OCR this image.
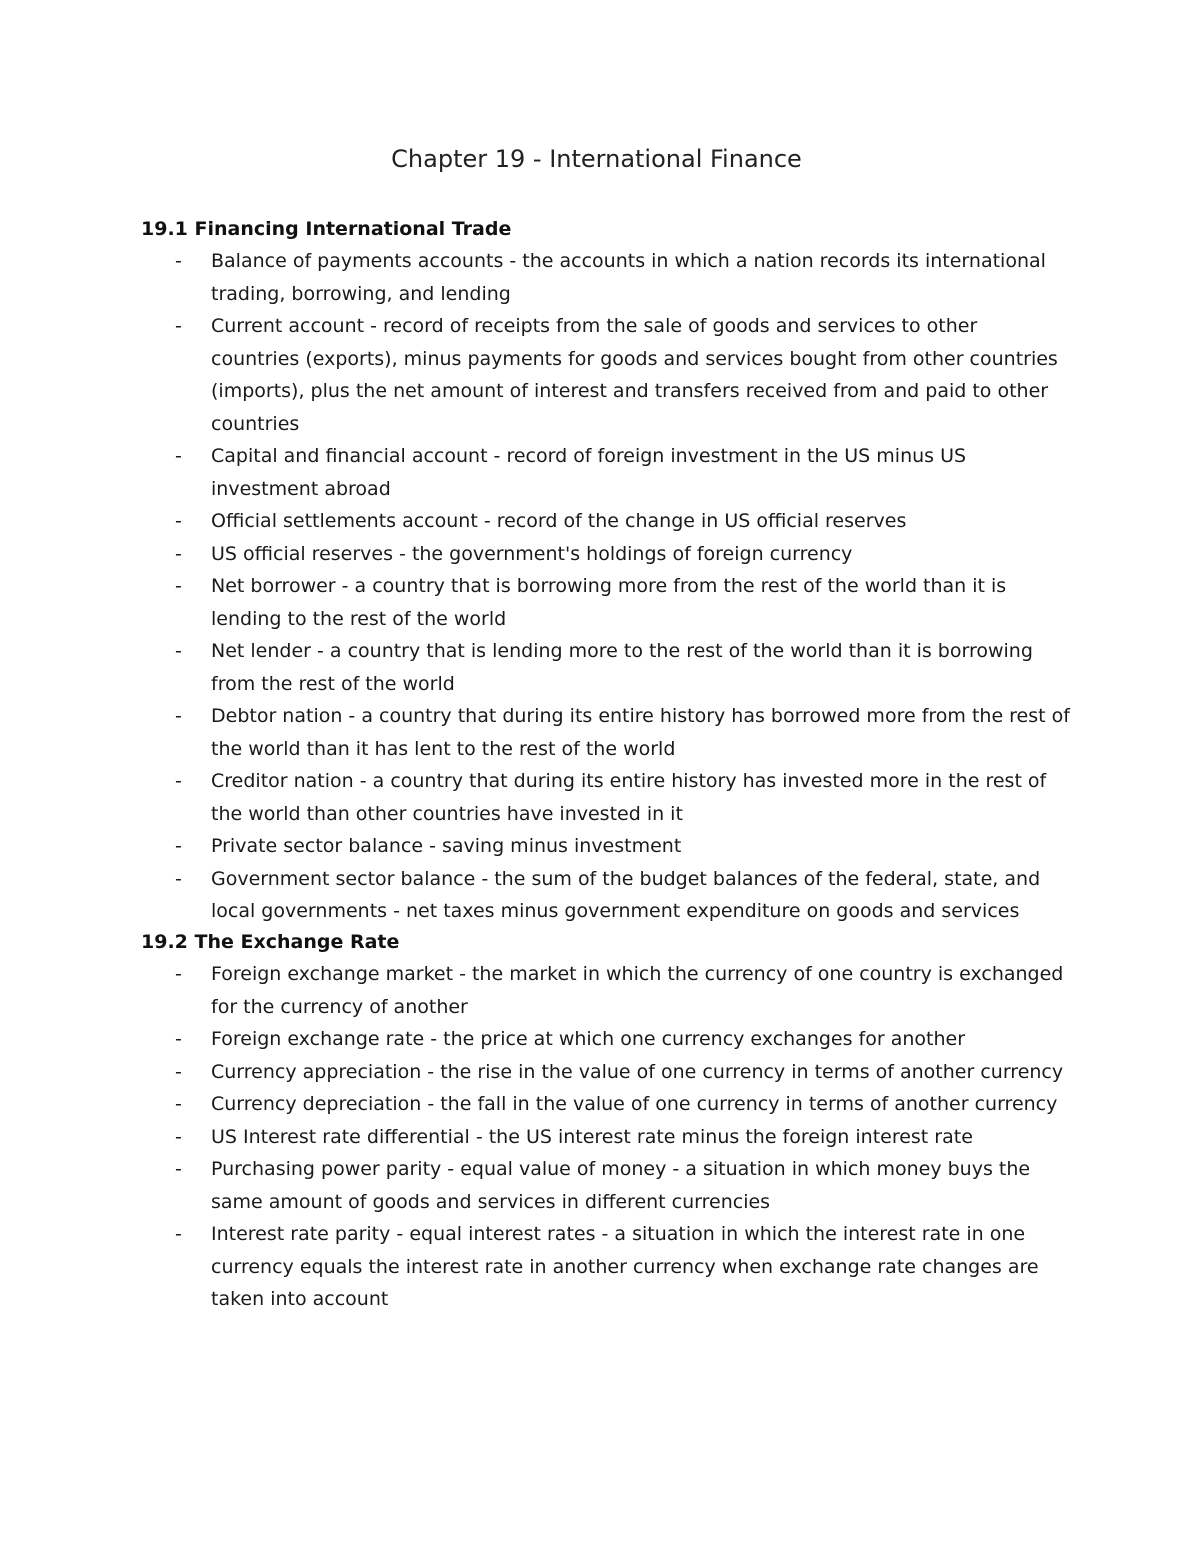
Chapter 19 - International Finance
19.1 Financing International Trade
- Balance of payments accounts - the accounts in which a nation records its international trading, borrowing, and lending
- Current account - record of receipts from the sale of goods and services to other countries (exports), minus payments for goods and services bought from other countries (imports), plus the net amount of interest and transfers received from and paid to other countries
- Capital and financial account - record of foreign investment in the US minus US investment abroad
- Official settlements account - record of the change in US official reserves
- US official reserves - the government's holdings of foreign currency
- Net borrower - a country that is borrowing more from the rest of the world than it is lending to the rest of the world
- Net lender - a country that is lending more to the rest of the world than it is borrowing from the rest of the world
- Debtor nation - a country that during its entire history has borrowed more from the rest of the world than it has lent to the rest of the world
- Creditor nation - a country that during its entire history has invested more in the rest of the world than other countries have invested in it
- Private sector balance - saving minus investment
- Government sector balance - the sum of the budget balances of the federal, state, and local governments - net taxes minus government expenditure on goods and services
19.2 The Exchange Rate
- Foreign exchange market - the market in which the currency of one country is exchanged for the currency of another
- Foreign exchange rate - the price at which one currency exchanges for another
- Currency appreciation - the rise in the value of one currency in terms of another currency
- Currency depreciation - the fall in the value of one currency in terms of another currency
- US Interest rate differential - the US interest rate minus the foreign interest rate
- Purchasing power parity - equal value of money - a situation in which money buys the same amount of goods and services in different currencies
- Interest rate parity - equal interest rates - a situation in which the interest rate in one currency equals the interest rate in another currency when exchange rate changes are taken into account
